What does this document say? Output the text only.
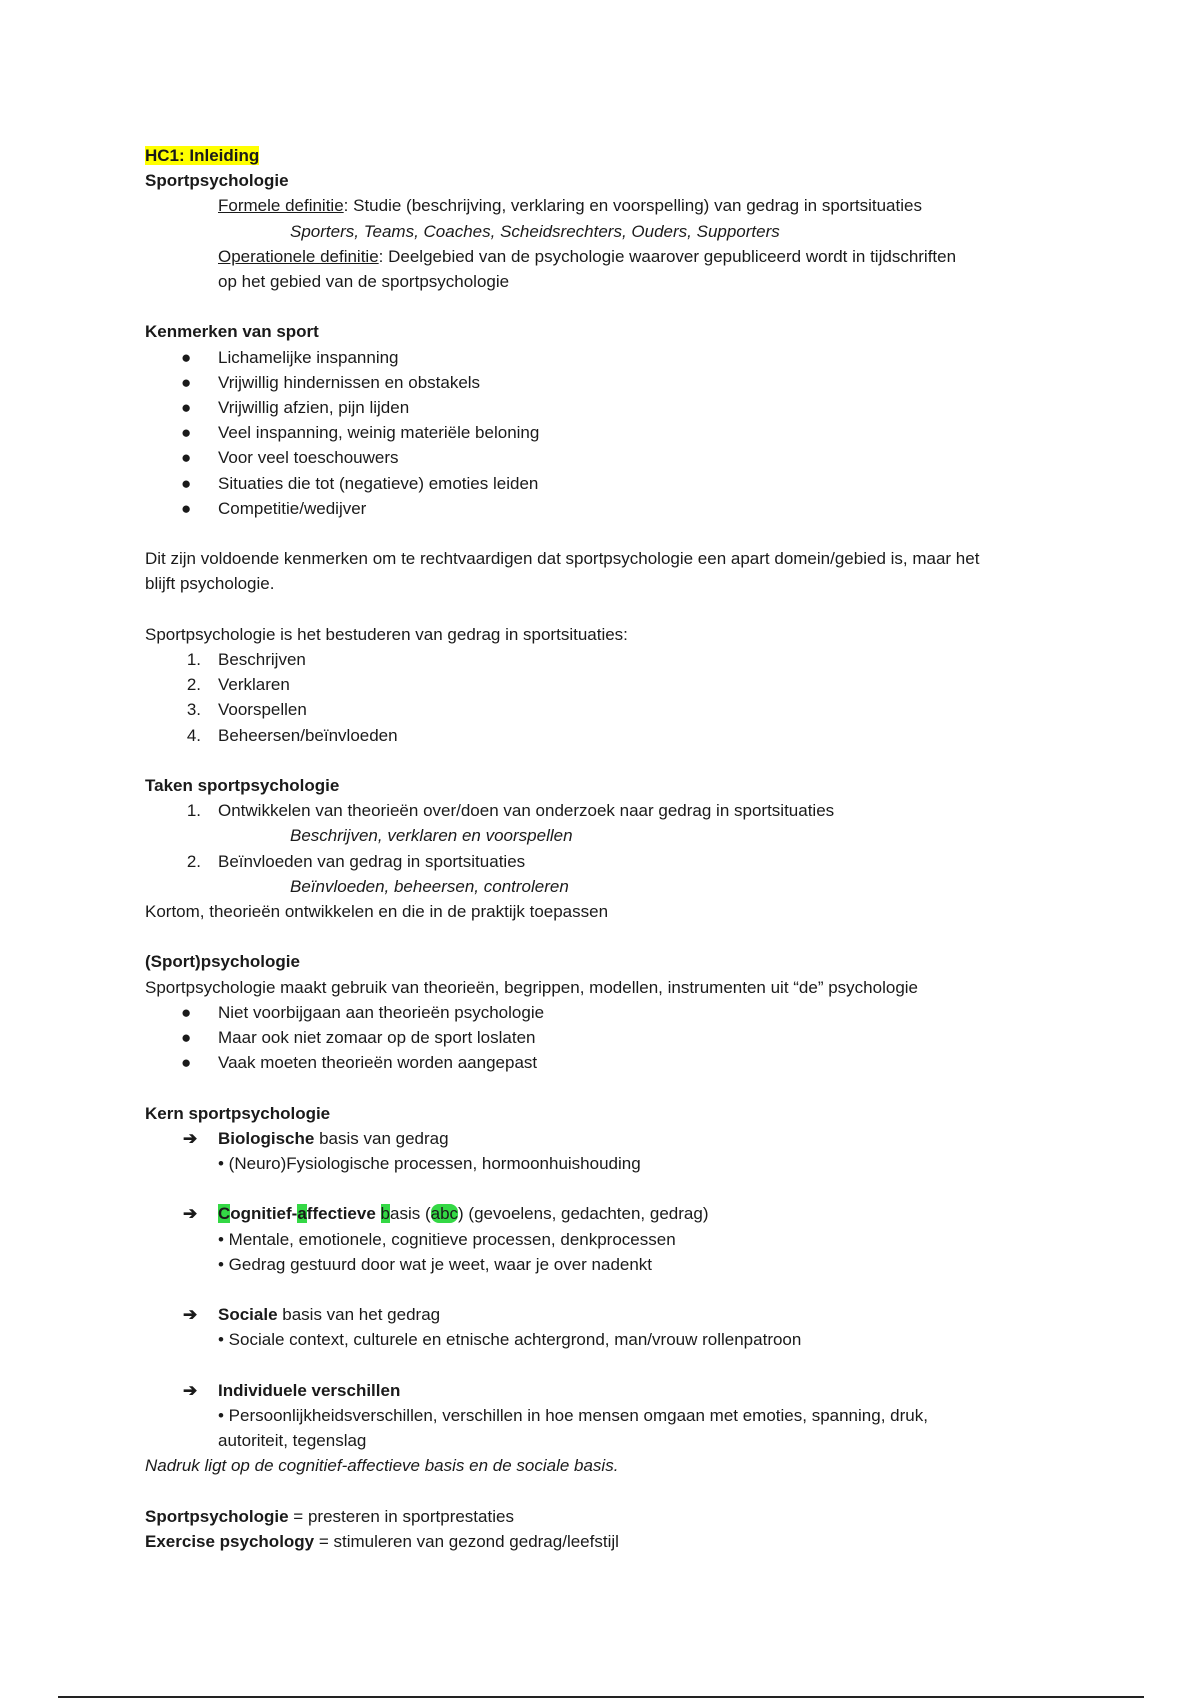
HC1: Inleiding
Sportpsychologie
Formele definitie: Studie (beschrijving, verklaring en voorspelling) van gedrag in sportsituaties
Sporters, Teams, Coaches, Scheidsrechters, Ouders, Supporters
Operationele definitie: Deelgebied van de psychologie waarover gepubliceerd wordt in tijdschriften
op het gebied van de sportpsychologie
Kenmerken van sport
● Lichamelijke inspanning
● Vrijwillig hindernissen en obstakels
● Vrijwillig afzien, pijn lijden
● Veel inspanning, weinig materiële beloning
● Voor veel toeschouwers
● Situaties die tot (negatieve) emoties leiden
● Competitie/wedijver
Dit zijn voldoende kenmerken om te rechtvaardigen dat sportpsychologie een apart domein/gebied is, maar het
blijft psychologie.
Sportpsychologie is het bestuderen van gedrag in sportsituaties:
1. Beschrijven
2. Verklaren
3. Voorspellen
4. Beheersen/beïnvloeden
Taken sportpsychologie
1. Ontwikkelen van theorieën over/doen van onderzoek naar gedrag in sportsituaties
Beschrijven, verklaren en voorspellen
2. Beïnvloeden van gedrag in sportsituaties
Beïnvloeden, beheersen, controleren
Kortom, theorieën ontwikkelen en die in de praktijk toepassen
(Sport)psychologie
Sportpsychologie maakt gebruik van theorieën, begrippen, modellen, instrumenten uit “de” psychologie
● Niet voorbijgaan aan theorieën psychologie
● Maar ook niet zomaar op de sport loslaten
● Vaak moeten theorieën worden aangepast
Kern sportpsychologie
➔ Biologische basis van gedrag
• (Neuro)Fysiologische processen, hormoonhuishouding
➔ Cognitief-affectieve basis (abc) (gevoelens, gedachten, gedrag)
• Mentale, emotionele, cognitieve processen, denkprocessen
• Gedrag gestuurd door wat je weet, waar je over nadenkt
➔ Sociale basis van het gedrag
• Sociale context, culturele en etnische achtergrond, man/vrouw rollenpatroon
➔ Individuele verschillen
• Persoonlijkheidsverschillen, verschillen in hoe mensen omgaan met emoties, spanning, druk,
autoriteit, tegenslag
Nadruk ligt op de cognitief-affectieve basis en de sociale basis.
Sportpsychologie = presteren in sportprestaties
Exercise psychology = stimuleren van gezond gedrag/leefstijl
